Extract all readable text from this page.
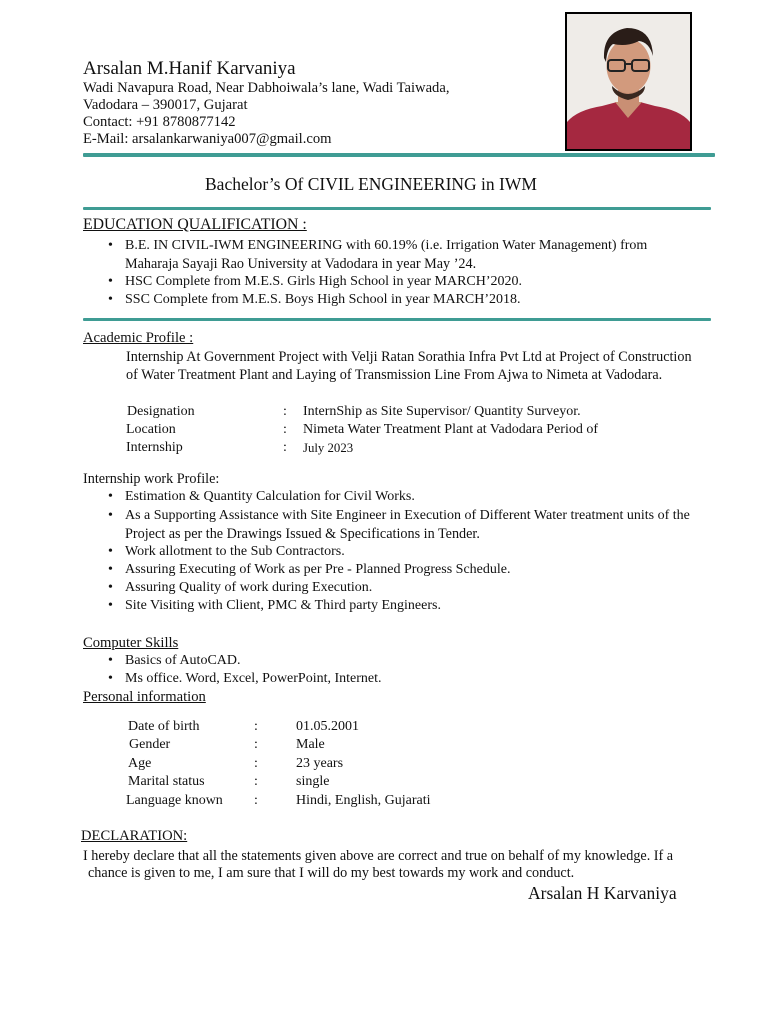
Arsalan M.Hanif Karvaniya
Wadi Navapura Road, Near Dabhoiwala’s lane, Wadi Taiwada,
Vadodara – 390017, Gujarat
Contact: +91 8780877142
E-Mail: arsalankarwaniya007@gmail.com
Bachelor’s Of CIVIL ENGINEERING in IWM
EDUCATION QUALIFICATION :
• B.E. IN CIVIL-IWM ENGINEERING with 60.19% (i.e. Irrigation Water Management) from
Maharaja Sayaji Rao University at Vadodara in year May ’24.
• HSC Complete from M.E.S. Girls High School in year MARCH’2020.
• SSC Complete from M.E.S. Boys High School in year MARCH’2018.
Academic Profile :
Internship At Government Project with Velji Ratan Sorathia Infra Pvt Ltd at Project of Construction
of Water Treatment Plant and Laying of Transmission Line From Ajwa to Nimeta at Vadodara.
Designation	: InternShip as Site Supervisor/ Quantity Surveyor.
Location	: Nimeta Water Treatment Plant at Vadodara Period of
Internship	: July 2023
Internship work Profile:
• Estimation & Quantity Calculation for Civil Works.
• As a Supporting Assistance with Site Engineer in Execution of Different Water treatment units of the
Project as per the Drawings Issued & Specifications in Tender.
• Work allotment to the Sub Contractors.
• Assuring Executing of Work as per Pre - Planned Progress Schedule.
• Assuring Quality of work during Execution.
• Site Visiting with Client, PMC & Third party Engineers.
Computer Skills
• Basics of AutoCAD.
• Ms office. Word, Excel, PowerPoint, Internet.
Personal information
Date of birth	:	01.05.2001
Gender	:	Male
Age	:	23 years
Marital status	:	single
Language known :	Hindi, English, Gujarati
DECLARATION:
I hereby declare that all the statements given above are correct and true on behalf of my knowledge. If a
chance is given to me, I am sure that I will do my best towards my work and conduct.
Arsalan H Karvaniya
